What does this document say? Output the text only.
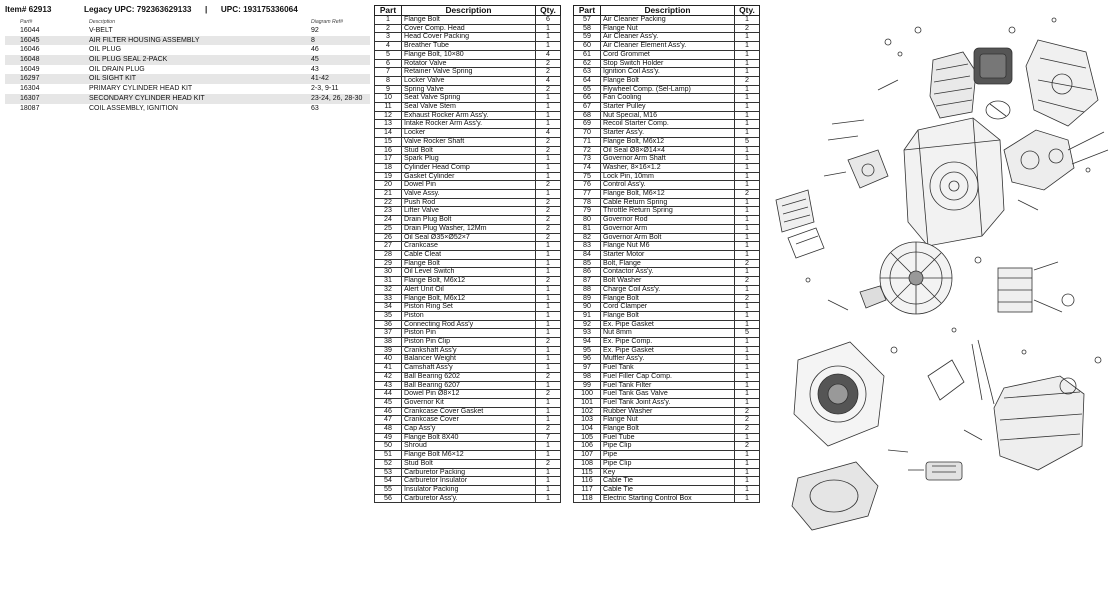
Item# 62913	Legacy UPC: 792363629133 | UPC: 193175336064
Part#	Description	Diagram Ref#
16044	V-BELT	92
16045	AIR FILTER HOUSING ASSEMBLY	8
16046	OIL PLUG	46
16048	OIL PLUG SEAL 2-PACK	45
16049	OIL DRAIN PLUG	43
16297	OIL SIGHT KIT	41-42
16304	PRIMARY CYLINDER HEAD KIT	2-3, 9-11
16307	SECONDARY CYLINDER HEAD KIT	23-24, 26, 28-30
18087	COIL ASSEMBLY, IGNITION	63
Part	Description	Qty.
1	Flange Bolt	6
2	Cover Comp. Head	1
3	Head Cover Packing	1
4	Breather Tube	1
5	Flange Bolt, 10×80	4
6	Rotator Valve	2
7	Retainer Valve Spring	2
8	Locker Valve	4
9	Spring Valve	2
10	Seat Valve Spring	1
11	Seal Valve Stem	1
12	Exhaust Rocker Arm Ass'y.	1
13	Intake Rocker Arm Ass'y.	1
14	Locker	4
15	Valve Rocker Shaft	2
16	Stud Bolt	2
17	Spark Plug	1
18	Cylinder Head Comp	1
19	Gasket Cylinder	1
20	Dowel Pin	2
21	Valve Assy.	1
22	Push Rod	2
23	Lifter Valve	2
24	Drain Plug Bolt	2
25	Drain Plug Washer, 12Mm	2
26	Oil Seal Ø35×Ø52×7	2
27	Crankcase	1
28	Cable Cleat	1
29	Flange Bolt	1
30	Oil Level Switch	1
31	Flange Bolt, M6x12	2
32	Alert Unit Oil	1
33	Flange Bolt, M6x12	1
34	Piston Ring Set	1
35	Piston	1
36	Connecting Rod Ass'y	1
37	Piston Pin	1
38	Piston Pin Clip	2
39	Crankshaft Ass'y	1
40	Balancer Weight	1
41	Camshaft Ass'y	1
42	Ball Bearing 6202	2
43	Ball Bearing 6207	1
44	Dowel Pin Ø8×12	2
45	Governor Kit	1
46	Crankcase Cover Gasket	1
47	Crankcase Cover	1
48	Cap Ass'y	2
49	Flange Bolt 8X40	7
50	Shroud	1
51	Flange Bolt M6×12	1
52	Stud Bolt	2
53	Carburetor Packing	1
54	Carburetor Insulator	1
55	Insulator Packing	1
56	Carburetor Ass'y.	1
Part	Description	Qty.
57	Air Cleaner Packing	1
58	Flange Nut	2
59	Air Cleaner Ass'y.	1
60	Air Cleaner Element Ass'y.	1
61	Cord Grommet	1
62	Stop Switch Holder	1
63	Ignition Coil Ass'y.	1
64	Flange Bolt	2
65	Flywheel Comp. (Sel-Lamp)	1
66	Fan Cooling	1
67	Starter Pulley	1
68	Nut Special, M16	1
69	Recoil Starter Comp.	1
70	Starter Ass'y.	1
71	Flange Bolt, M6x12	5
72	Oil Seal Ø8×Ø14×4	1
73	Governor Arm Shaft	1
74	Washer, 8×16×1.2	1
75	Lock Pin, 10mm	1
76	Control Ass'y.	1
77	Flange Bolt, M6×12	2
78	Cable Return Spring	1
79	Throttle Return Spring	1
80	Governor Rod	1
81	Governor Arm	1
82	Governor Arm Bolt	1
83	Flange Nut M6	1
84	Starter Motor	1
85	Bolt, Flange	2
86	Contactor Ass'y.	1
87	Bolt Washer	2
88	Charge Coil Ass'y.	1
89	Flange Bolt	2
90	Cord Clamper	1
91	Flange Bolt	1
92	Ex. Pipe Gasket	1
93	Nut 8mm	5
94	Ex. Pipe Comp.	1
95	Ex. Pipe Gasket	1
96	Muffler Ass'y.	1
97	Fuel Tank	1
98	Fuel Filler Cap Comp.	1
99	Fuel Tank Filter	1
100	Fuel Tank Gas Valve	1
101	Fuel Tank Joint Ass'y.	1
102	Rubber Washer	2
103	Flange Nut	2
104	Flange Bolt	2
105	Fuel Tube	1
106	Pipe Clip	2
107	Pipe	1
108	Pipe Clip	1
115	Key	1
116	Cable Tie	1
117	Cable Tie	1
118	Electric Starting Control Box	1
